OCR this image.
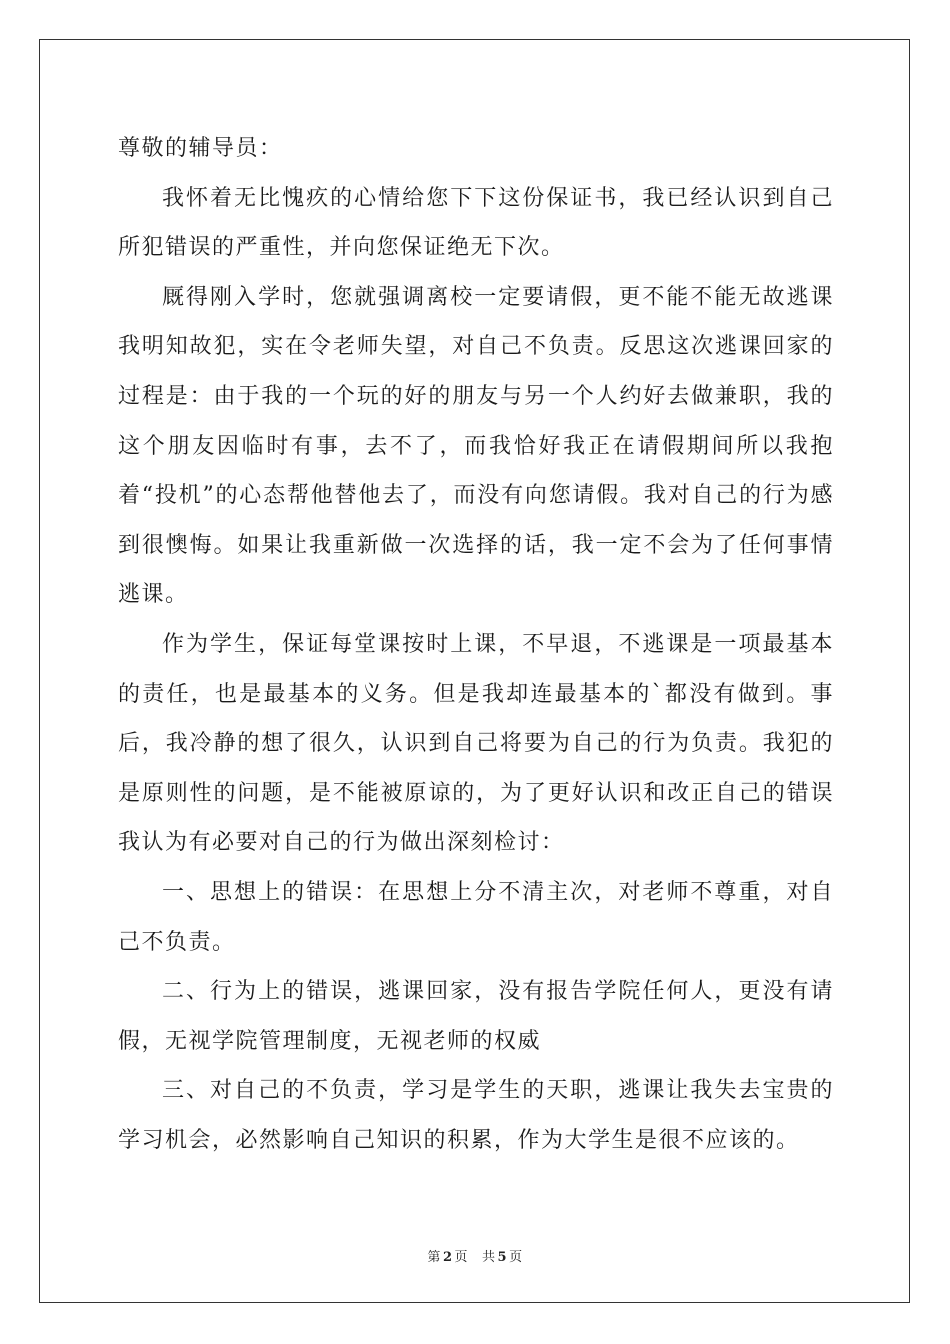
尊敬的辅导员：

我怀着无比愧疚的心情给您下下这份保证书，我已经认识到自己所犯错误的严重性，并向您保证绝无下次。

厩得刚入学时，您就强调离校一定要请假，更不能不能无故逃课我明知故犯，实在令老师失望，对自己不负责。反思这次逃课回家的过程是：由于我的一个玩的好的朋友与另一个人约好去做兼职，我的这个朋友因临时有事，去不了，而我恰好我正在请假期间所以我抱着“投机”的心态帮他替他去了，而没有向您请假。我对自己的行为感到很懊悔。如果让我重新做一次选择的话，我一定不会为了任何事情逃课。

作为学生，保证每堂课按时上课，不早退，不逃课是一项最基本的责任，也是最基本的义务。但是我却连最基本的`都没有做到。事后，我冷静的想了很久，认识到自己将要为自己的行为负责。我犯的是原则性的问题，是不能被原谅的，为了更好认识和改正自己的错误我认为有必要对自己的行为做出深刻检讨：

一、思想上的错误：在思想上分不清主次，对老师不尊重，对自己不负责。

二、行为上的错误，逃课回家，没有报告学院任何人，更没有请假，无视学院管理制度，无视老师的权威

三、对自己的不负责，学习是学生的天职，逃课让我失去宝贵的学习机会，必然影响自己知识的积累，作为大学生是很不应该的。

第 2 页 共 5 页
